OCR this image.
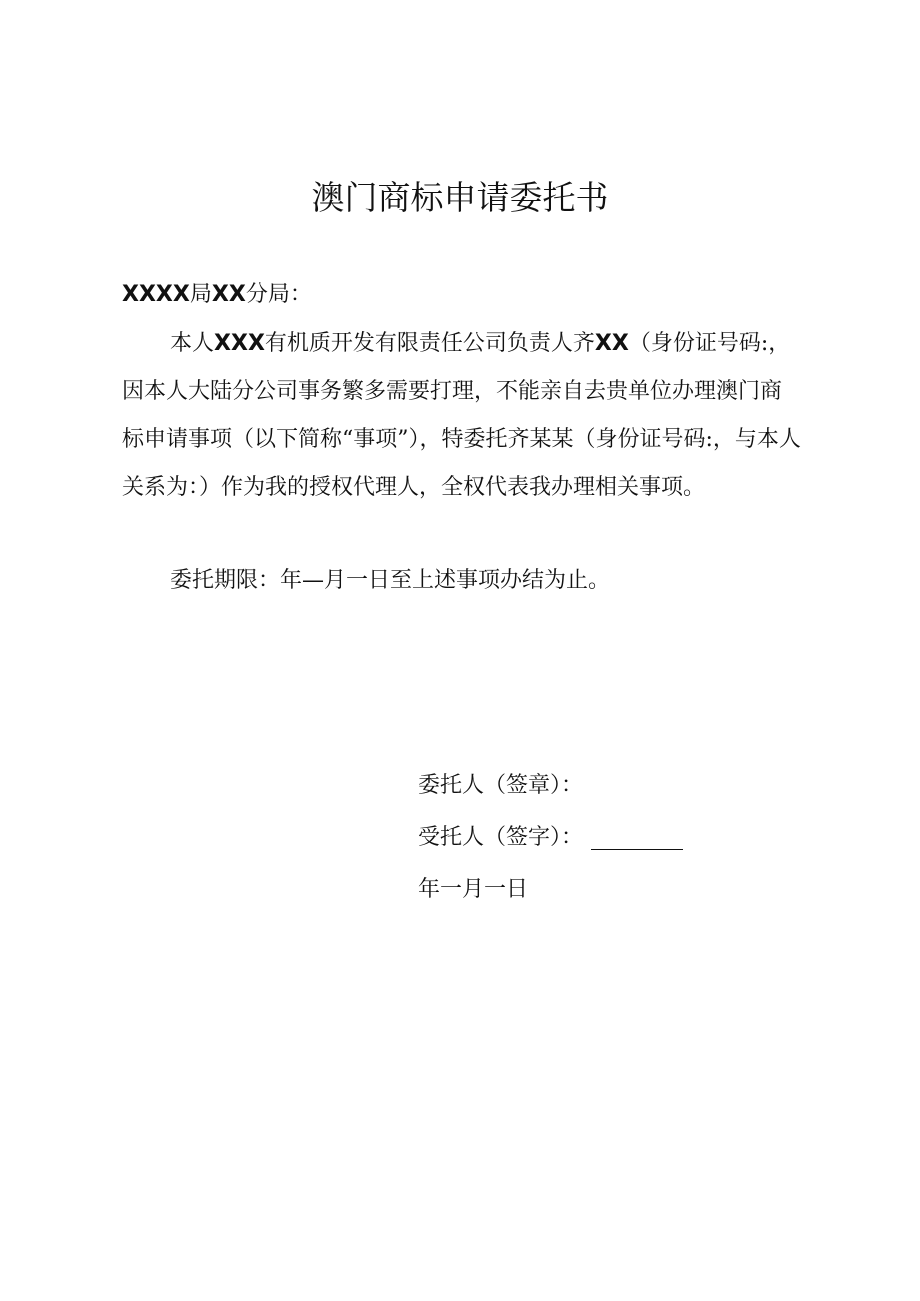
澳门商标申请委托书
XXXX局XX分局：

本人XXX有机质开发有限责任公司负责人齐XX（身份证号码:，因本人大陆分公司事务繁多需要打理，不能亲自去贵单位办理澳门商标申请事项（以下简称“事项”），特委托齐某某（身份证号码:，与本人关系为：）作为我的授权代理人，全权代表我办理相关事项。

委托期限：年—月一日至上述事项办结为止。

委托人（签章）：
受托人（签字）：
年一月一日
